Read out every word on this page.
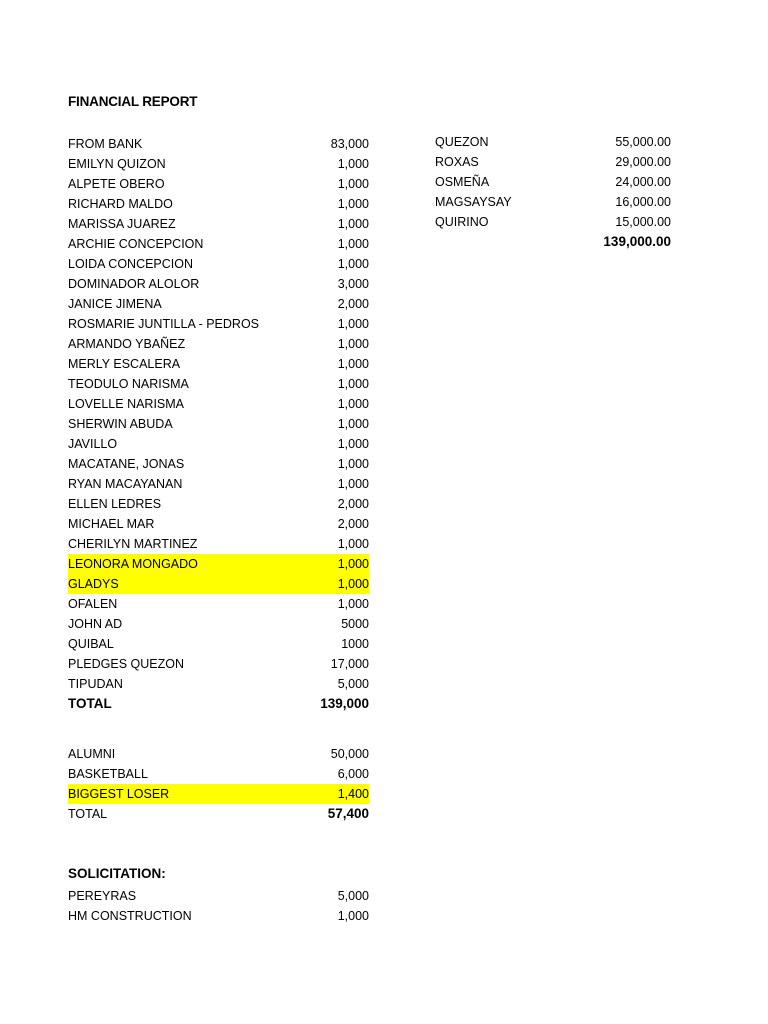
FINANCIAL REPORT
FROM BANK	83,000
EMILYN QUIZON	1,000
ALPETE OBERO	1,000
RICHARD MALDO	1,000
MARISSA JUAREZ	1,000
ARCHIE CONCEPCION	1,000
LOIDA CONCEPCION	1,000
DOMINADOR ALOLOR	3,000
JANICE JIMENA	2,000
ROSMARIE JUNTILLA - PEDROS	1,000
ARMANDO YBAÑEZ	1,000
MERLY ESCALERA	1,000
TEODULO NARISMA	1,000
LOVELLE NARISMA	1,000
SHERWIN ABUDA	1,000
JAVILLO	1,000
MACATANE, JONAS	1,000
RYAN MACAYANAN	1,000
ELLEN LEDRES	2,000
MICHAEL MAR	2,000
CHERILYN MARTINEZ	1,000
LEONORA MONGADO	1,000
GLADYS	1,000
OFALEN	1,000
JOHN AD	5000
QUIBAL	1000
PLEDGES QUEZON	17,000
TIPUDAN	5,000
TOTAL	139,000
ALUMNI	50,000
BASKETBALL	6,000
BIGGEST LOSER	1,400
TOTAL	57,400
SOLICITATION:
PEREYRAS	5,000
HM CONSTRUCTION	1,000
QUEZON	55,000.00
ROXAS	29,000.00
OSMEÑA	24,000.00
MAGSAYSAY	16,000.00
QUIRINO	15,000.00
139,000.00
